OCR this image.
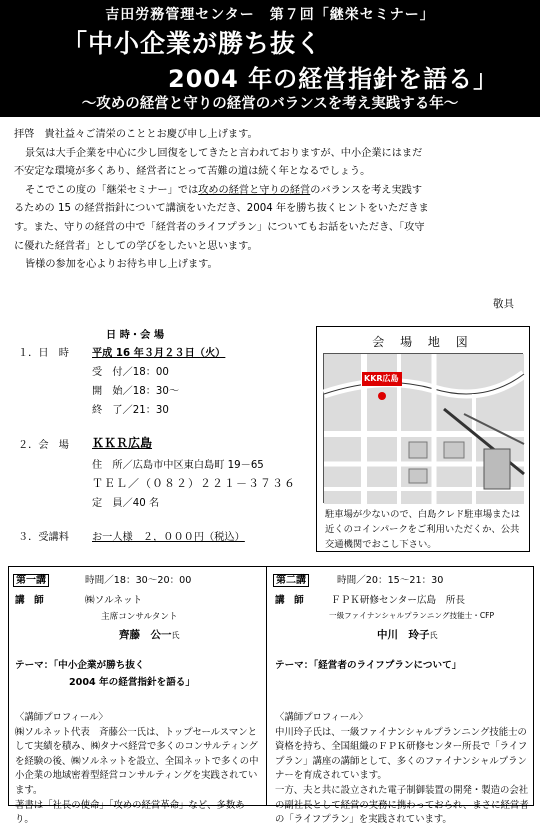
吉田労務管理センター　第７回「継栄セミナー」
「中小企業が勝ち抜く
2004 年の経営指針を語る」
～攻めの経営と守りの経営のバランスを考え実践する年～

拝啓　貴社益々ご清栄のこととお慶び申し上げます。

景気は大手企業を中心に少し回復をしてきたと言われておりますが、中小企業にはまだ

不安定な環境が多くあり、経営者にとって苦難の道は続く年となるでしょう。

そこでこの度の「継栄セミナー」では攻めの経営と守りの経営のバランスを考え実践す

るための 15 の経営指針について講演をいただき、2004 年を勝ち抜くヒントをいただきま

す。また、守りの経営の中で「経営者のライフプラン」についてもお話をいただき、「攻守

に優れた経営者」としての学びをしたいと思います。

皆様の参加を心よりお待ち申し上げます。

敬具
日 時・会 場
１．日　時 平成 16 年３月２３日（火）
受　付／18：00
開　始／18：30～
終　了／21：30
２．会　場 ＫＫＲ広島
住　所／広島市中区東白島町 19－65
ＴＥＬ／（０８２）２２１－３７３６
定　員／40 名
３．受講料 お一人様　２，０００円（税込）
会 場 地 図
KKR広島
駐車場が少ないので、白島クレド駐車場または近くのコインパークをご利用いただくか、公共交通機関でおこし下さい。
第一講	時間／18：30～20：00
講　師	㈱ソルネット
主席コンサルタント
齊藤　公一氏
テーマ：「中小企業が勝ち抜く
2004 年の経営指針を語る」
〈講師プロフィール〉
㈱ソルネット代表　斉藤公一氏は、トップセールスマンとして実績を積み、㈱タナベ経営で多くのコンサルティングを経験の後、㈱ソルネットを設立、全国ネットで多くの中小企業の地域密着型経営コンサルティングを実践されています。
著書は「社長の使命」「攻めの経営革命」など、多数あり。
第二講	時間／20：15～21：30
講　師	ＦＰＫ研修センター広島　所長
一級ファイナンシャルプランニング技能士・CFP
中川　玲子氏
テーマ：「経営者のライフプランについて」
〈講師プロフィール〉
中川玲子氏は、一級ファイナンシャルプランニング技能士の資格を持ち、全国組織のＦＰＫ研修センター所長で「ライフプラン」講座の講師として、多くのファイナンシャルプランナーを育成されています。
一方、夫と共に設立された電子制御装置の開発・製造の会社の副社長として経営の実務に携わっておられ、まさに経営者の「ライフプラン」を実践されています。
